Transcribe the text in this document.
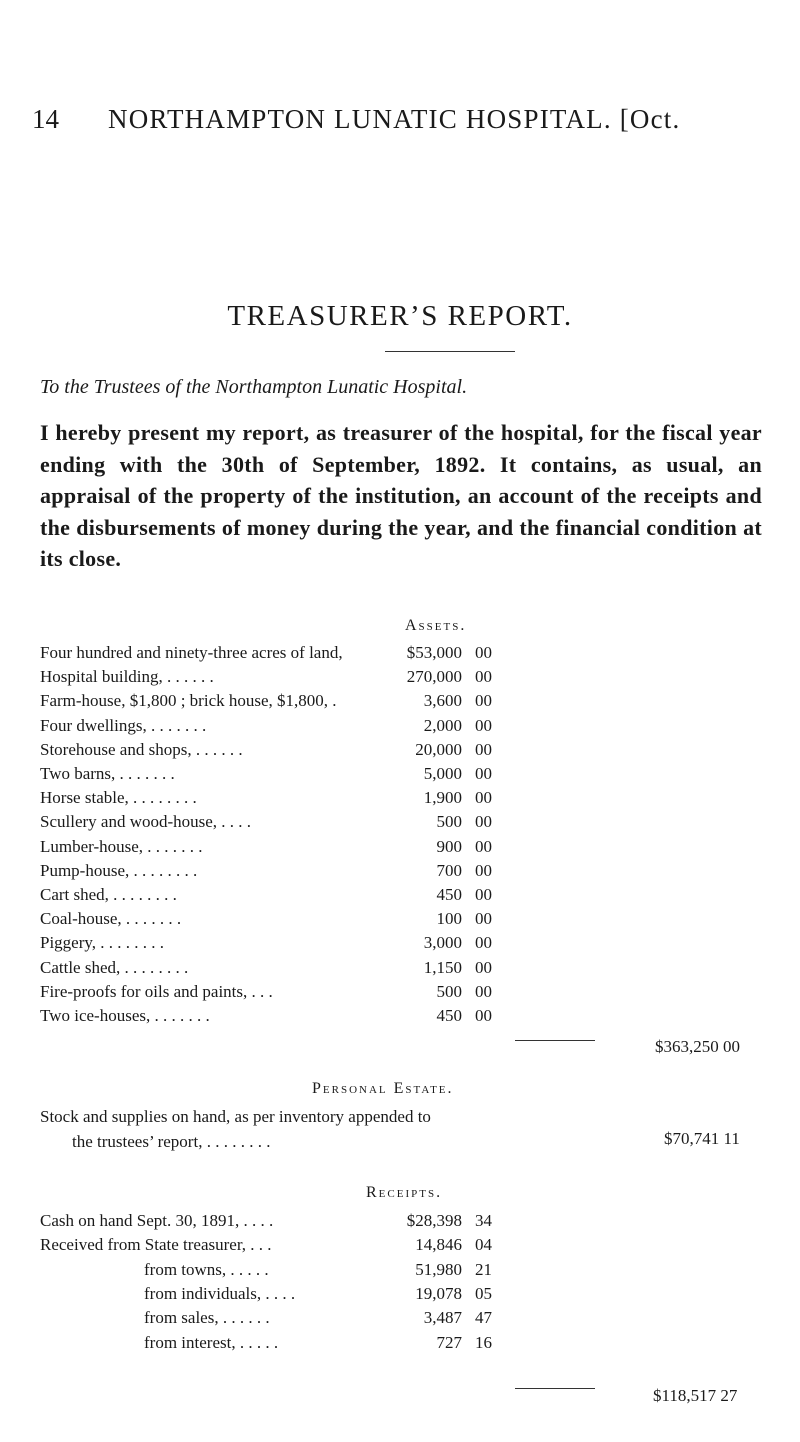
14 NORTHAMPTON LUNATIC HOSPITAL. [Oct.
TREASURER’S REPORT.
To the Trustees of the Northampton Lunatic Hospital.
I hereby present my report, as treasurer of the hospital, for the fiscal year ending with the 30th of September, 1892. It contains, as usual, an appraisal of the property of the institution, an account of the receipts and the disbursements of money during the year, and the financial condition at its close.
Assets.
Four hundred and ninety-three acres of land,	$53,000 00
Hospital building, . . . . . .	270,000 00
Farm-house, $1,800 ; brick house, $1,800, .	3,600 00
Four dwellings, . . . . . . .	2,000 00
Storehouse and shops, . . . . . .	20,000 00
Two barns, . . . . . . .	5,000 00
Horse stable, . . . . . . . .	1,900 00
Scullery and wood-house, . . . .	500 00
Lumber-house, . . . . . . .	900 00
Pump-house, . . . . . . . .	700 00
Cart shed, . . . . . . . .	450 00
Coal-house, . . . . . . .	100 00
Piggery, . . . . . . . .	3,000 00
Cattle shed, . . . . . . . .	1,150 00
Fire-proofs for oils and paints, . . .	500 00
Two ice-houses, . . . . . . .	450 00
$363,250 00
Personal Estate.
Stock and supplies on hand, as per inventory appended to
the trustees’ report, . . . . . . . .	$70,741 11
Receipts.
Cash on hand Sept. 30, 1891, . . . .	$28,398 34
Received from State treasurer, . . .	14,846 04
from towns, . . . . .	51,980 21
from individuals, . . . .	19,078 05
from sales, . . . . . .	3,487 47
from interest, . . . . .	727 16
$118,517 27
